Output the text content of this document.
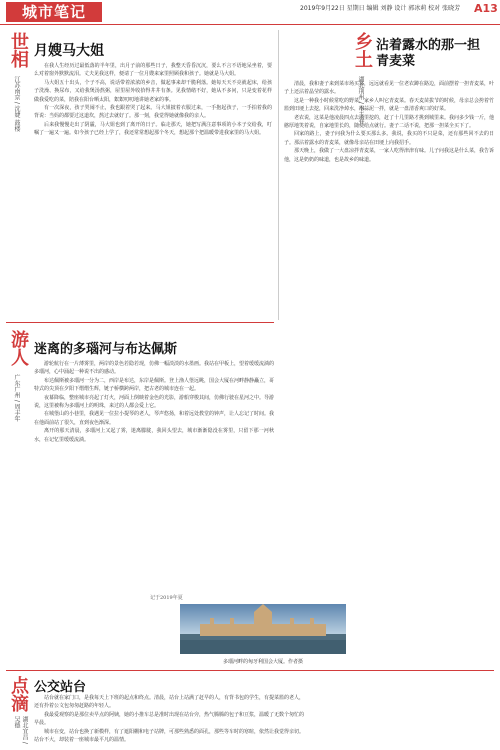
城市笔记	2019年9月22日 星期日 编辑 刘静 设计 郭冰莉 校对 张晓芳 A13
世相
江苏南京 / 沈婕 鼓楼
月嫂马大姐

在我人生经历过最低落的半年里，出月子前的那些日子，我整天昏昏沉沉，要么不言不语地呆坐着，要么对着窗外默默流泪。丈夫见我这样，便请了一位月嫂来家里照顾我和孩子。她就是马大姐。

马大姐五十出头，个子不高，说话带着浓浓的乡音，做起事来却干脆利落。她每天天不亮就起床，给孩子洗澡、换尿布，又给我煲汤熬粥，屋里屋外收拾得井井有条。见我情绪不好，她从不多问，只是变着花样做我爱吃的菜，陪我在阳台晒太阳，絮絮叨叨地讲她老家的事。

有一次深夜，孩子哭闹不止，我也跟着哭了起来。马大姐披着衣服过来，一手抱起孩子，一手拍着我的背说：当妈的都要过这道坎，熬过去就好了。那一刻，我觉得她就像我的亲人。

后来我慢慢走出了阴霾，马大姐也到了离开的日子。临走那天，她把写满注意事项的小本子交给我，叮嘱了一遍又一遍。如今孩子已经上学了，我还常常想起那个冬天，想起那个把温暖带进我家里的马大姐。

乡土
湖北荆州 / 李玉春
沾着露水的那一担青麦菜

清晨，我和妻子来到菜市场买菜，远远就看见一位老农蹲在路边，面前摆着一担青麦菜，叶子上还沾着晶莹的露水。

这是一种我小时候常吃的野菜，家乡人叫它青麦菜。春天麦苗拔节的时候，母亲总会挎着竹篮到田埂上去挖，回来洗净焯水，用蒜泥一拌，就是一盘清香爽口的好菜。

老农说，这菜是他凌晨四点去地里挖的，赶了十几里路才挑到城里来。我问多少钱一斤，他憨厚地笑着说，自家地里长的，随便给点就行。妻子二话不说，把那一担菜全买下了。

回家的路上，妻子问我为什么要买那么多。我说，我买的不只是菜，还有那些回不去的日子。那沾着露水的青麦菜，就像母亲站在田埂上向我招手。

那天晚上，我做了一大盘凉拌青麦菜，一家人吃得津津有味。儿子问我这是什么菜，我告诉他，这是奶奶的味道，也是故乡的味道。

游人
广东广州 / 周丰年
迷离的多瑙河与布达佩斯

游轮航行在一片薄雾里，两岸的景色若隐若现，仿佛一幅淡淡的水墨画。我站在甲板上，望着缓缓流淌的多瑙河，心中涌起一种说不出的感动。

布达佩斯被多瑙河一分为二，西岸是布达，东岸是佩斯。登上渔人堡远眺，国会大厦在河畔静静矗立，哥特式的尖顶在夕阳下熠熠生辉，链子桥横跨两岸，把古老的城市连在一起。

夜幕降临，整座城市亮起了灯火，河面上倒映着金色的光影，游船穿梭其间，仿佛行驶在星河之中。导游说，这里被称为多瑙河上的明珠，来过的人都会爱上它。

在城堡山的小巷里，我遇见一位拉小提琴的老人，琴声悠扬，和着远处教堂的钟声，让人忘记了时间。我在他面前站了很久，直到夜色渐深。

离开的那天清晨，多瑙河上又起了雾，迷离朦胧，我回头望去，城市渐渐隐没在雾里，只留下那一河秋水，在记忆里缓缓流淌。

记于2019年夏
多瑙河畔的匈牙利国会大厦。作者摄
点滴
湖北宜昌 / 吴德
公交站台

站台就在家门口，是我每天上下班的起点和终点。清晨，站台上站满了赶早的人，有背书包的学生，有提菜篮的老人，还有拎着公文包匆匆赶路的年轻人。

我最爱观察的是那位卖早点的阿姨，她的小推车总是准时出现在站台旁，热气腾腾的包子和豆浆，温暖了无数个匆忙的早晨。

城市在变，站台也换了新模样，有了遮阳棚和电子站牌，可那些熟悉的面孔，那些等车时的寒暄，依然让我觉得亲切。站台不大，却装着一座城市最平凡的温情。
